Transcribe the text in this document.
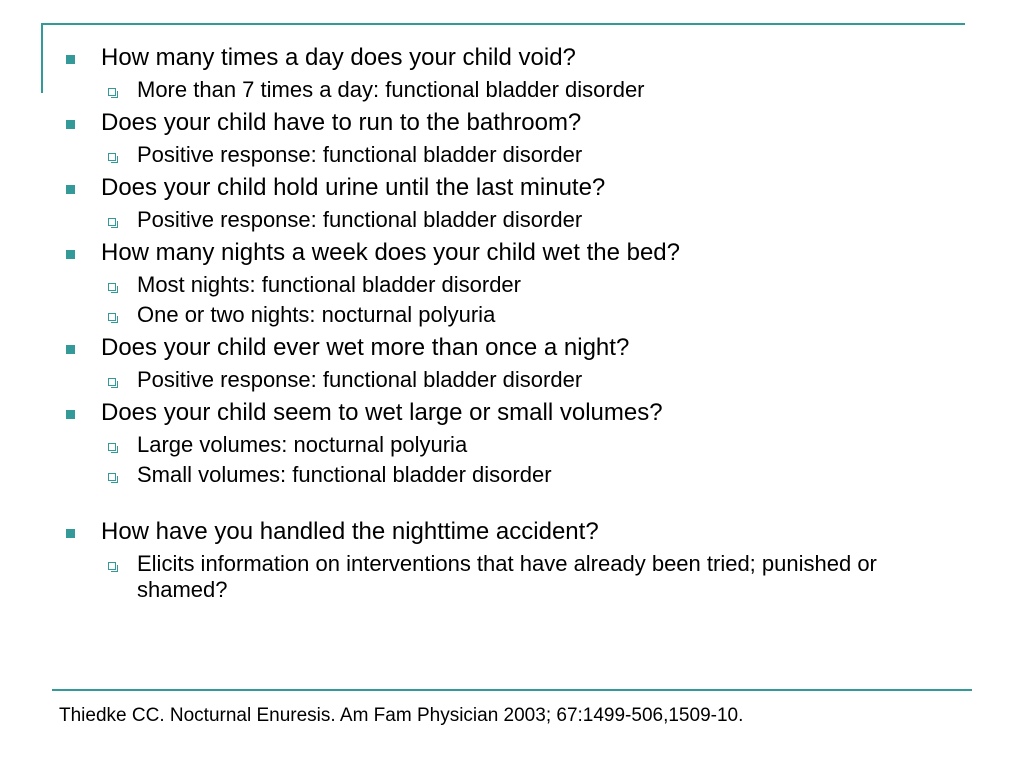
How many times a day does your child void?
More than 7 times a day: functional bladder disorder
Does your child have to run to the bathroom?
Positive response: functional bladder disorder
Does your child hold urine until the last minute?
Positive response: functional bladder disorder
How many nights a week does your child wet the bed?
Most nights: functional bladder disorder
One or two nights: nocturnal polyuria
Does your child ever wet more than once a night?
Positive response: functional bladder disorder
Does your child seem to wet large or small volumes?
Large volumes: nocturnal polyuria
Small volumes: functional bladder disorder
How have you handled the nighttime accident?
Elicits information on interventions that have already been tried; punished or shamed?
Thiedke CC. Nocturnal Enuresis. Am Fam Physician 2003; 67:1499-506,1509-10.
